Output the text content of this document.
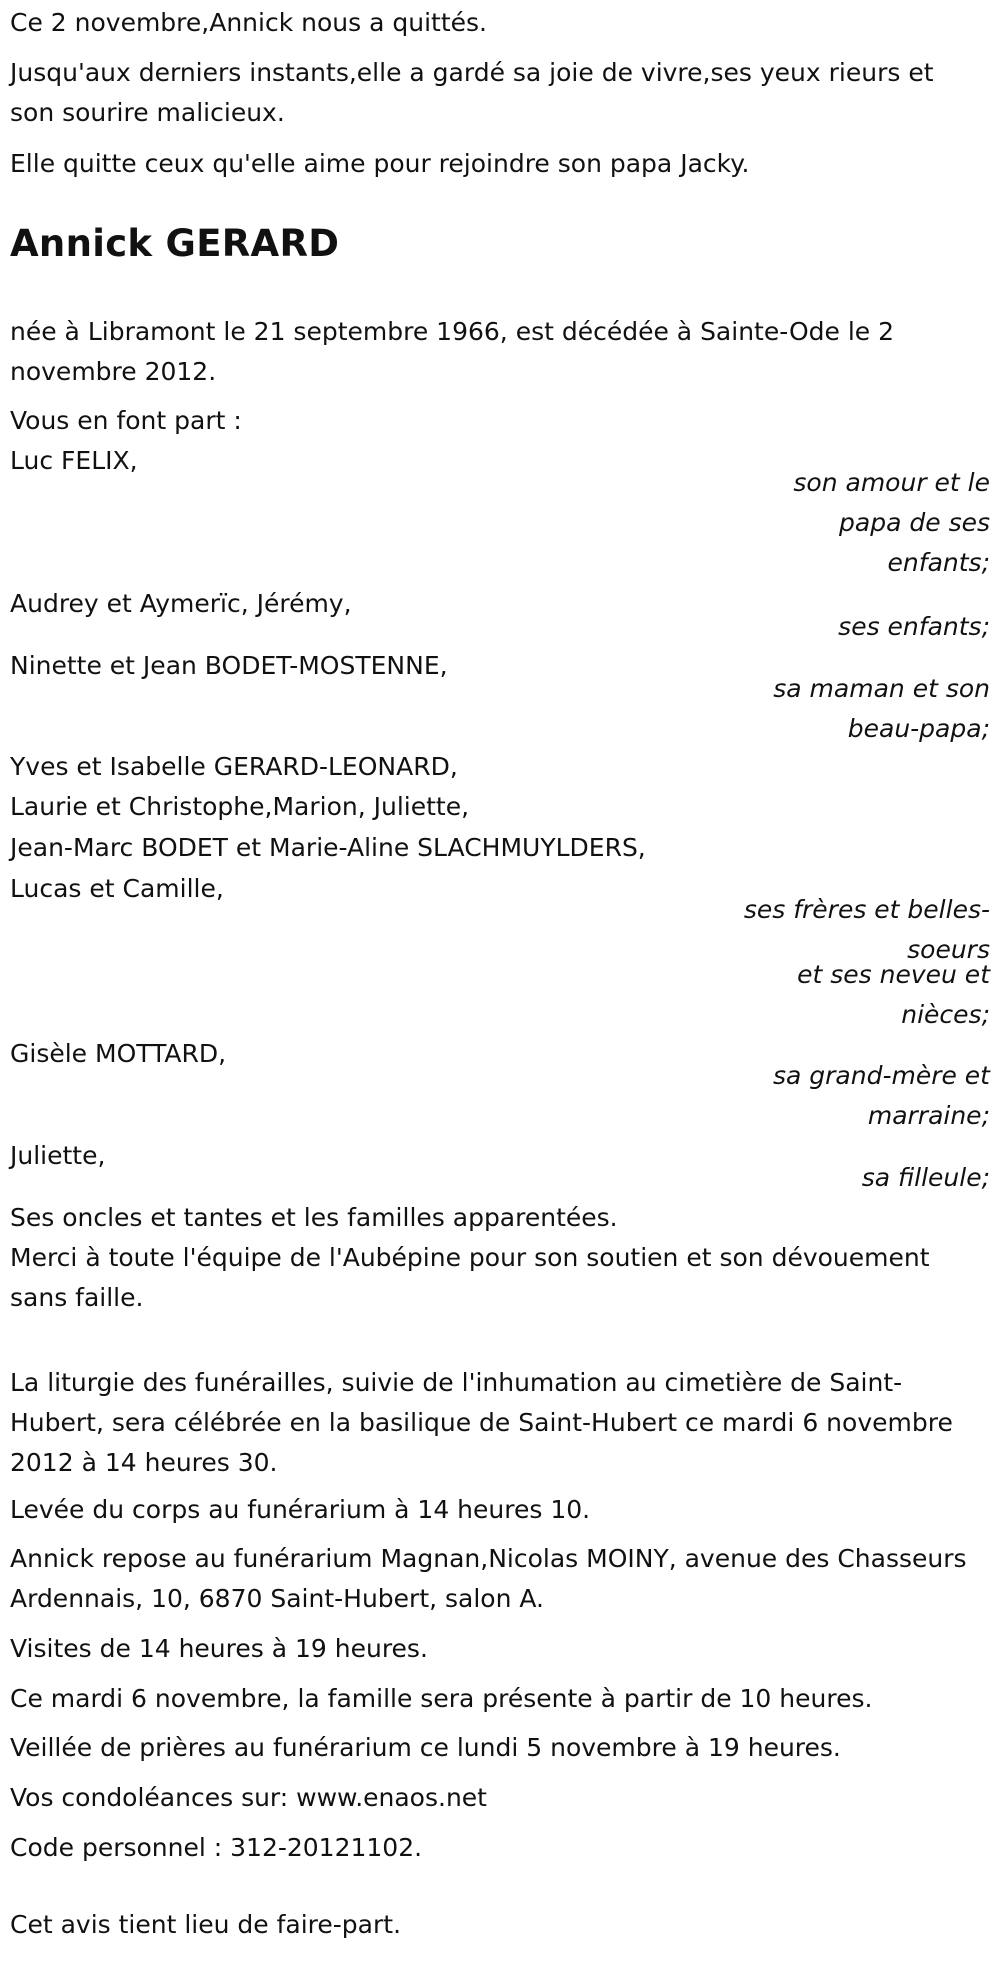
Ce 2 novembre,Annick nous a quittés.

Jusqu'aux derniers instants,elle a gardé sa joie de vivre,ses yeux rieurs et son sourire malicieux.

Elle quitte ceux qu'elle aime pour rejoindre son papa Jacky.

Annick GERARD

née à Libramont le 21 septembre 1966, est décédée à Sainte-Ode le 2 novembre 2012.

Vous en font part :

Luc FELIX,

son amour et le papa de ses enfants;

Audrey et Aymerïc, Jérémy,

ses enfants;

Ninette et Jean BODET-MOSTENNE,

sa maman et son beau-papa;

Yves et Isabelle GERARD-LEONARD,

Laurie et Christophe,Marion, Juliette,

Jean-Marc BODET et Marie-Aline SLACHMUYLDERS,

Lucas et Camille,

ses frères et belles-soeurs
et ses neveu et nièces;

Gisèle MOTTARD,

sa grand-mère et marraine;

Juliette,

sa filleule;

Ses oncles et tantes et les familles apparentées.

Merci à toute l'équipe de l'Aubépine pour son soutien et son dévouement sans faille.

La liturgie des funérailles, suivie de l'inhumation au cimetière de Saint-Hubert, sera célébrée en la basilique de Saint-Hubert ce mardi 6 novembre 2012 à 14 heures 30.

Levée du corps au funérarium à 14 heures 10.

Annick repose au funérarium Magnan,Nicolas MOINY, avenue des Chasseurs Ardennais, 10, 6870 Saint-Hubert, salon A.

Visites de 14 heures à 19 heures.

Ce mardi 6 novembre, la famille sera présente à partir de 10 heures.

Veillée de prières au funérarium ce lundi 5 novembre à 19 heures.

Vos condoléances sur: www.enaos.net

Code personnel : 312-20121102.

Cet avis tient lieu de faire-part.
